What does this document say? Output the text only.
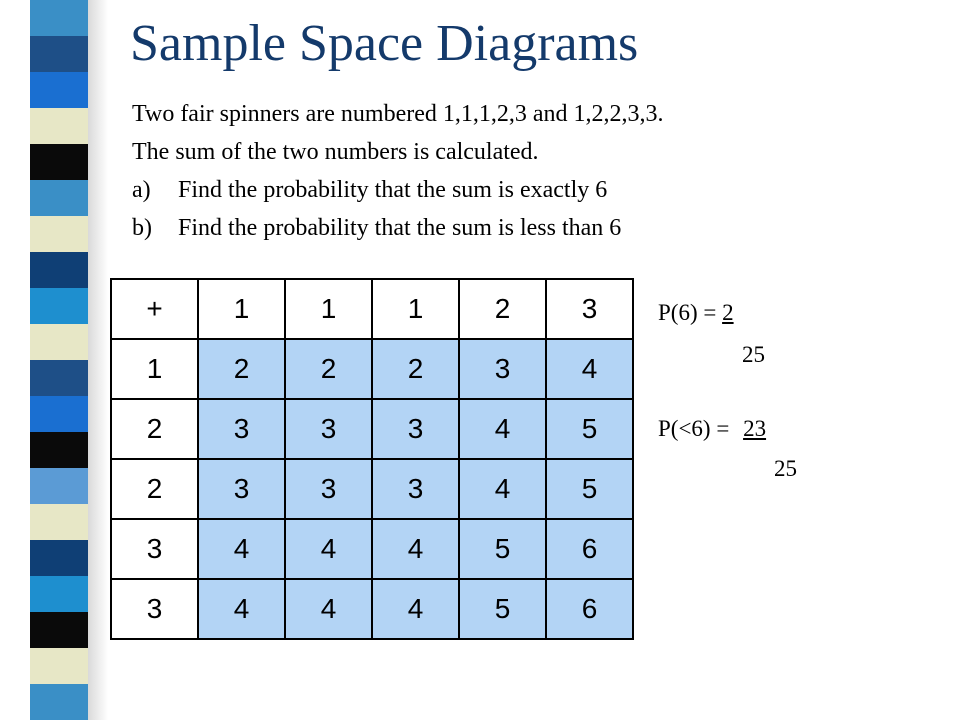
Sample Space Diagrams
Two fair spinners are numbered 1,1,1,2,3 and 1,2,2,3,3.
The sum of the two numbers is calculated.
a) Find the probability that the sum is exactly 6
b) Find the probability that the sum is less than 6
+	1	1	1	2	3
1	2	2	2	3	4
2	3	3	3	4	5
2	3	3	3	4	5
3	4	4	4	5	6
3	4	4	4	5	6
P(6) = 2
25
P(<6) = 23
25
